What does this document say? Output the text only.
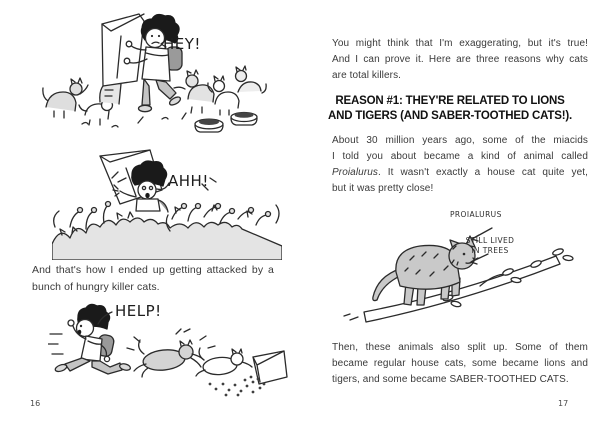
HEY!
AHH!
And that's how I ended up getting attacked by a
bunch of hungry killer cats.
HELP!
16
You might think that I'm exaggerating, but it's true!
And I can prove it. Here are three reasons why cats
are total killers.
REASON #1: THEY'RE RELATED TO LIONS
AND TIGERS (AND SABER-TOOTHED CATS!).
About 30 million years ago, some of the miacids
I told you about became a kind of animal called
Proialurus. It wasn't exactly a house cat quite yet,
but it was pretty close!
PROIALURUS
STILL LIVED
IN TREES
Then, these animals also split up. Some of them
became regular house cats, some became lions and
tigers, and some became SABER-TOOTHED CATS.
17
